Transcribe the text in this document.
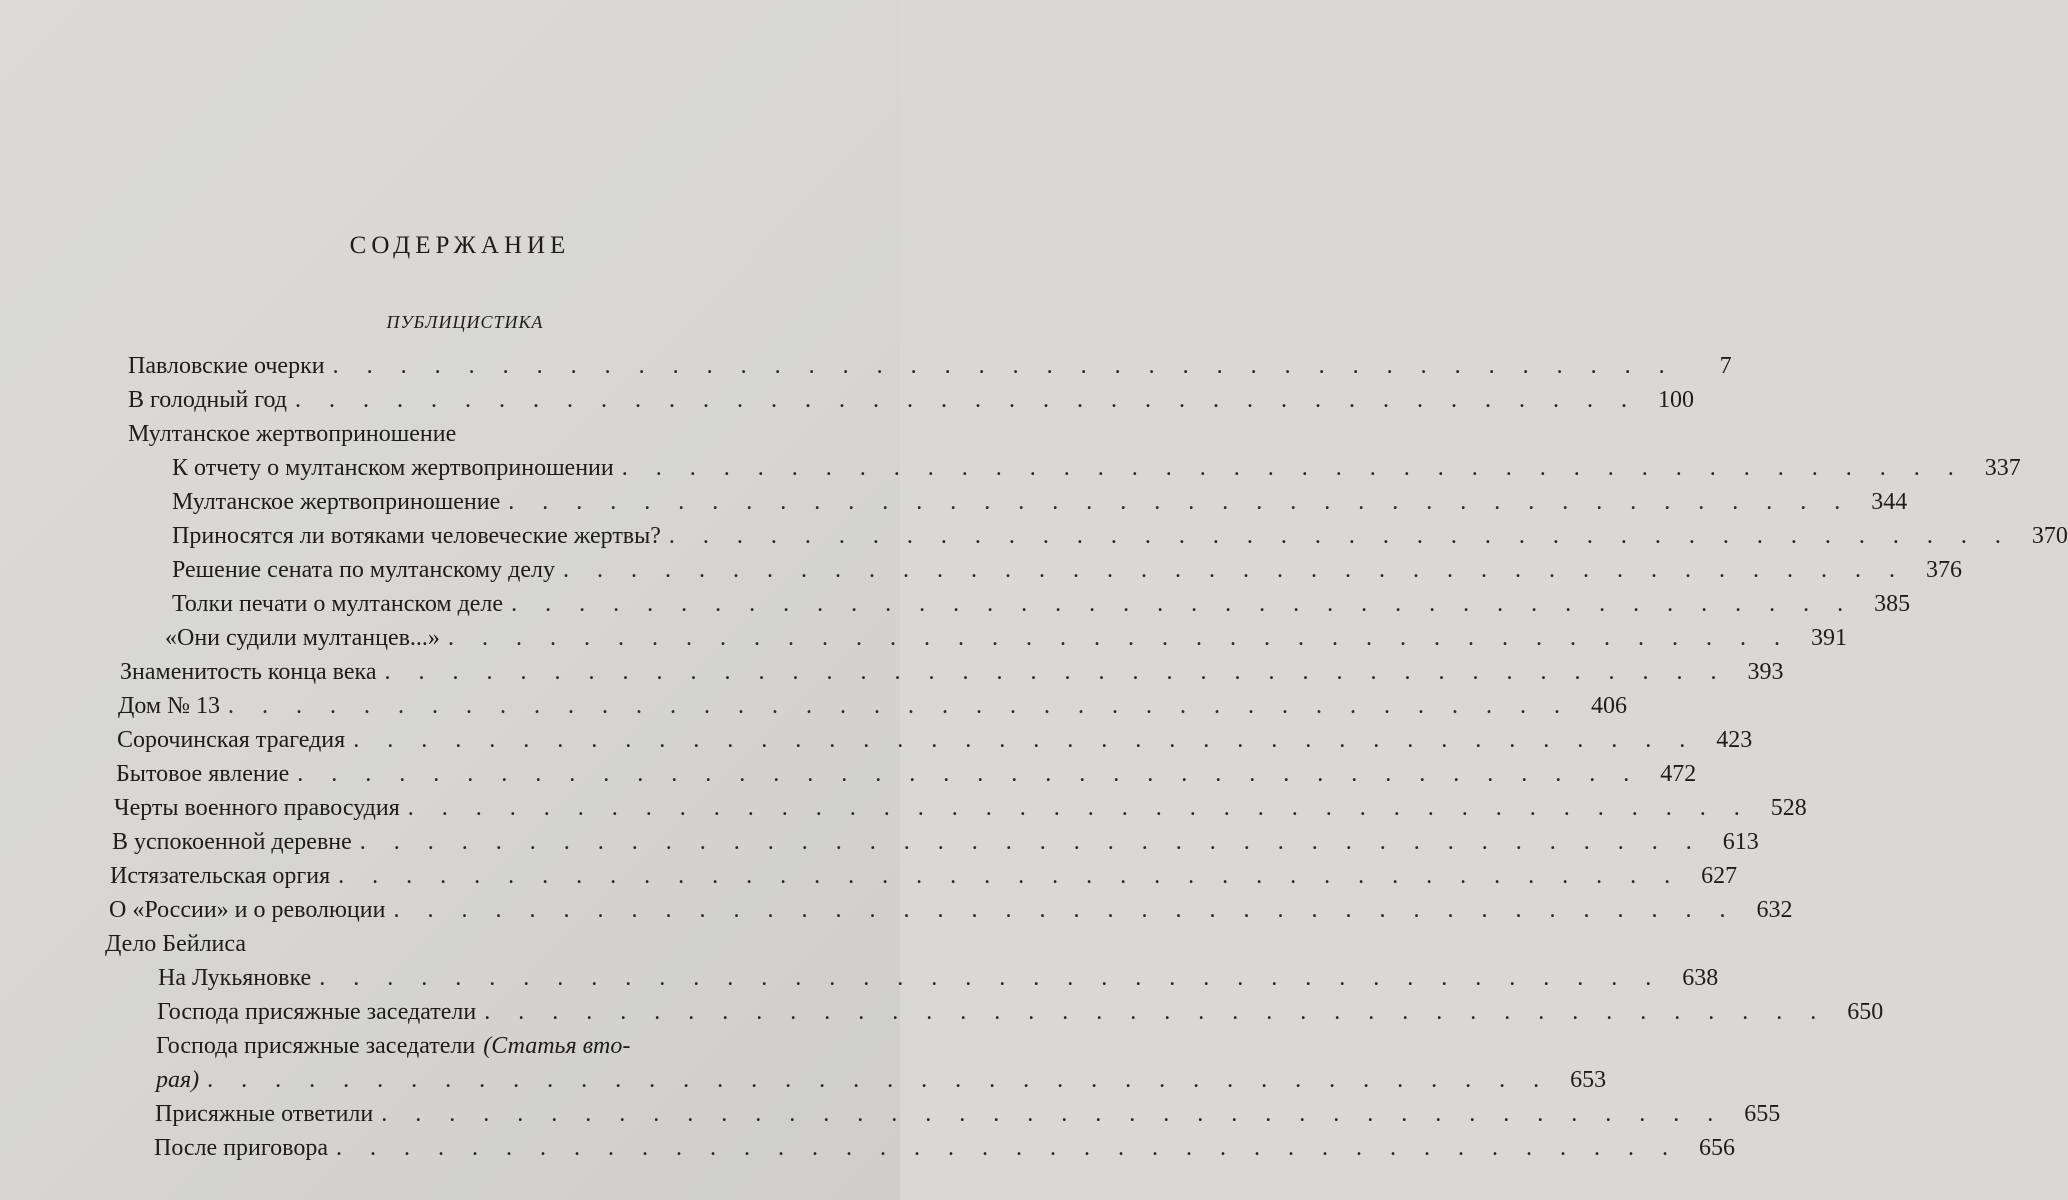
СОДЕРЖАНИЕ
ПУБЛИЦИСТИКА
Павловские очерки . . . . . . . . . . . . . . . . . . . . . . . . . . . . . . . . . . . . . . . .	7
В голодный год . . . . . . . . . . . . . . . . . . . . . . . . . . . . . . . . . . . . . . . . 100
Мултанское жертвоприношение
К отчету о мултанском жертвоприношении . . . . . . . . . . . . . . . . . . . . . . . . . . . . . . . . . . . . . . . . 337
Мултанское жертвоприношение . . . . . . . . . . . . . . . . . . . . . . . . . . . . . . . . . . . . . . . . 344
Приносятся ли вотяками человеческие жертвы? . . . . . . . . . . . . . . . . . . . . . . . . . . . . . . . . . . . . . . . . 370
Решение сената по мултанскому делу . . . . . . . . . . . . . . . . . . . . . . . . . . . . . . . . . . . . . . . . 376
Толки печати о мултанском деле . . . . . . . . . . . . . . . . . . . . . . . . . . . . . . . . . . . . . . . . 385
«Они судили мултанцев...» . . . . . . . . . . . . . . . . . . . . . . . . . . . . . . . . . . . . . . . . 391
Знаменитость конца века . . . . . . . . . . . . . . . . . . . . . . . . . . . . . . . . . . . . . . . . 393
Дом № 13 . . . . . . . . . . . . . . . . . . . . . . . . . . . . . . . . . . . . . . . . 406
Сорочинская трагедия . . . . . . . . . . . . . . . . . . . . . . . . . . . . . . . . . . . . . . . . 423
Бытовое явление . . . . . . . . . . . . . . . . . . . . . . . . . . . . . . . . . . . . . . . . 472
Черты военного правосудия . . . . . . . . . . . . . . . . . . . . . . . . . . . . . . . . . . . . . . . . 528
В успокоенной деревне . . . . . . . . . . . . . . . . . . . . . . . . . . . . . . . . . . . . . . . . 613
Истязательская оргия . . . . . . . . . . . . . . . . . . . . . . . . . . . . . . . . . . . . . . . . 627
О «России» и о революции . . . . . . . . . . . . . . . . . . . . . . . . . . . . . . . . . . . . . . . . 632
Дело Бейлиса
На Лукьяновке . . . . . . . . . . . . . . . . . . . . . . . . . . . . . . . . . . . . . . . . 638
Господа присяжные заседатели . . . . . . . . . . . . . . . . . . . . . . . . . . . . . . . . . . . . . . . . 650
Господа присяжные заседатели (Статья вто-
рая) . . . . . . . . . . . . . . . . . . . . . . . . . . . . . . . . . . . . . . . . 653
Присяжные ответили . . . . . . . . . . . . . . . . . . . . . . . . . . . . . . . . . . . . . . . . 655
После приговора . . . . . . . . . . . . . . . . . . . . . . . . . . . . . . . . . . . . . . . . 656
